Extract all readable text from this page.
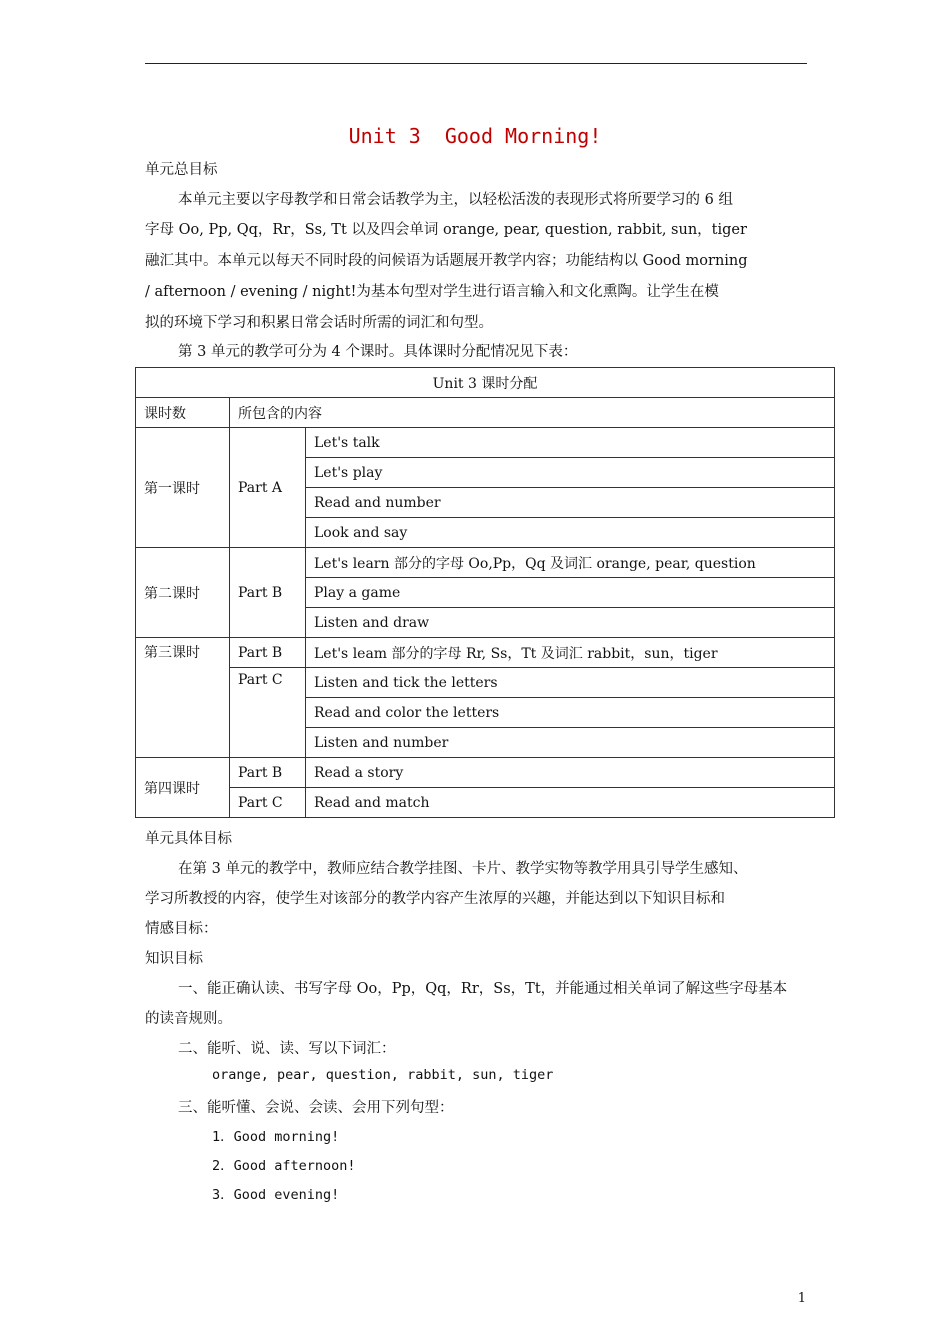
Unit 3 Good Morning!
单元总目标
本单元主要以字母教学和日常会话教学为主，以轻松活泼的表现形式将所要学习的 6 组
字母 Oo, Pp, Qq，Rr，Ss, Tt 以及四会单词 orange, pear, question, rabbit, sun，tiger
融汇其中。本单元以每天不同时段的问候语为话题展开教学内容；功能结构以 Good morning
/ afternoon / evening / night!为基本句型对学生进行语言输入和文化熏陶。让学生在模
拟的环境下学习和积累日常会话时所需的词汇和句型。
第 3 单元的教学可分为 4 个课时。具体课时分配情况见下表：
Unit 3 课时分配		
课时数	所包含的内容	
第一课时	Part A	Let's talk
		Let's play
		Read and number
		Look and say
第二课时	Part B	Let's learn 部分的字母 Oo,Pp，Qq 及词汇 orange, pear, question
		Play a game
		Listen and draw
第三课时	Part B	Let's leam 部分的字母 Rr, Ss，Tt 及词汇 rabbit，sun，tiger
	Part C	Listen and tick the letters
		Read and color the letters
		Listen and number
第四课时	Part B	Read a story
	Part C	Read and match
单元具体目标
在第 3 单元的教学中，教师应结合教学挂图、卡片、教学实物等教学用具引导学生感知、
学习所教授的内容，使学生对该部分的教学内容产生浓厚的兴趣，并能达到以下知识目标和
情感目标：
知识目标
一、能正确认读、书写字母 Oo，Pp，Qq，Rr，Ss，Tt，并能通过相关单词了解这些字母基本
的读音规则。
二、能听、说、读、写以下词汇：
orange, pear, question, rabbit, sun, tiger
三、能听懂、会说、会读、会用下列句型：
1．Good morning!
2．Good afternoon!
3．Good evening!
1
